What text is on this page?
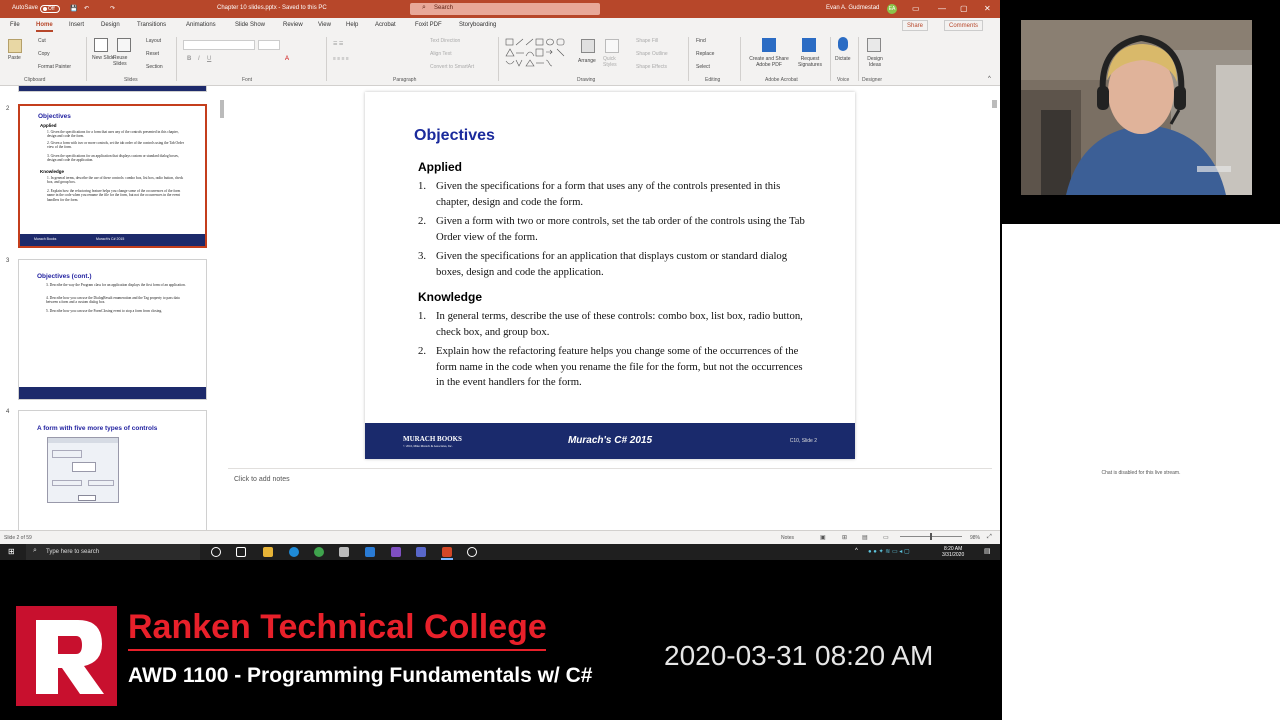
AutoSave Off	💾 ↶	↷	Chapter 10 slides.pptx - Saved to this PC	Search
⌕	Evan A. Gudmestad	EA ▭ — ▢ ✕
File	Home	Insert	Design	Transitions	Animations	Slide Show	Review	View	Help	Acrobat	Foxit PDF	Storyboarding	Share	Comments
Paste
Cut
Copy
Format Painter
Clipboard
New Slide
Reuse Slides
Layout
Reset
Section
Slides
B I U	A
Font
☰ ☰
≡ ≡ ≡ ≡
Text Direction
Align Text
Convert to SmartArt
Paragraph
Arrange Quick Styles
Shape Fill
Shape Outline
Shape Effects
Drawing
Find
Replace
Select
Editing
Create and Share Adobe PDF
Request Signatures
Adobe Acrobat
Dictate
Voice
Design Ideas
Designer	^
2
Objectives
Applied
1. Given the specifications for a form that uses any of the controls presented in this chapter, design and code the form.
2. Given a form with two or more controls, set the tab order of the controls using the Tab Order view of the form.
3. Given the specifications for an application that displays custom or standard dialog boxes, design and code the application.
Knowledge
1. In general terms, describe the use of these controls: combo box, list box, radio button, check box, and group box.
2. Explain how the refactoring feature helps you change some of the occurrences of the form name in the code when you rename the file for the form, but not the occurrences in the event handlers for the form.
Murach Books	Murach's C# 2015
3
Objectives (cont.)
3. Describe the way the Program class for an application displays the first form of an application.
4. Describe how you can use the DialogResult enumeration and the Tag property to pass data between a form and a custom dialog box.
5. Describe how you can use the FormClosing event to stop a form from closing.
4
A form with five more types of controls
Objectives
Applied
1. Given the specifications for a form that uses any of the controls presented in this chapter, design and code the form.
2. Given a form with two or more controls, set the tab order of the controls using the Tab Order view of the form.
3. Given the specifications for an application that displays custom or standard dialog boxes, design and code the application.
Knowledge
1. In general terms, describe the use of these controls: combo box, list box, radio button, check box, and group box.
2. Explain how the refactoring feature helps you change some of the occurrences of the form name in the code when you rename the file for the form, but not the occurrences in the event handlers for the form.
MURACH BOOKS
© 2016, Mike Murach & Associates, Inc.	Murach's C# 2015	C10, Slide 2
Click to add notes
Slide 2 of 59	Notes	▣	⊞ ▤	▭	98% ⤢
⊞	⌕ Type here to search	^ ● ● ✦ ≋ ▭ ◂ ▢	8:20 AM
3/31/2020	▤
Chat is disabled for this live stream.
Ranken Technical College
AWD 1100 - Programming Fundamentals w/ C#
2020-03-31 08:20 AM
